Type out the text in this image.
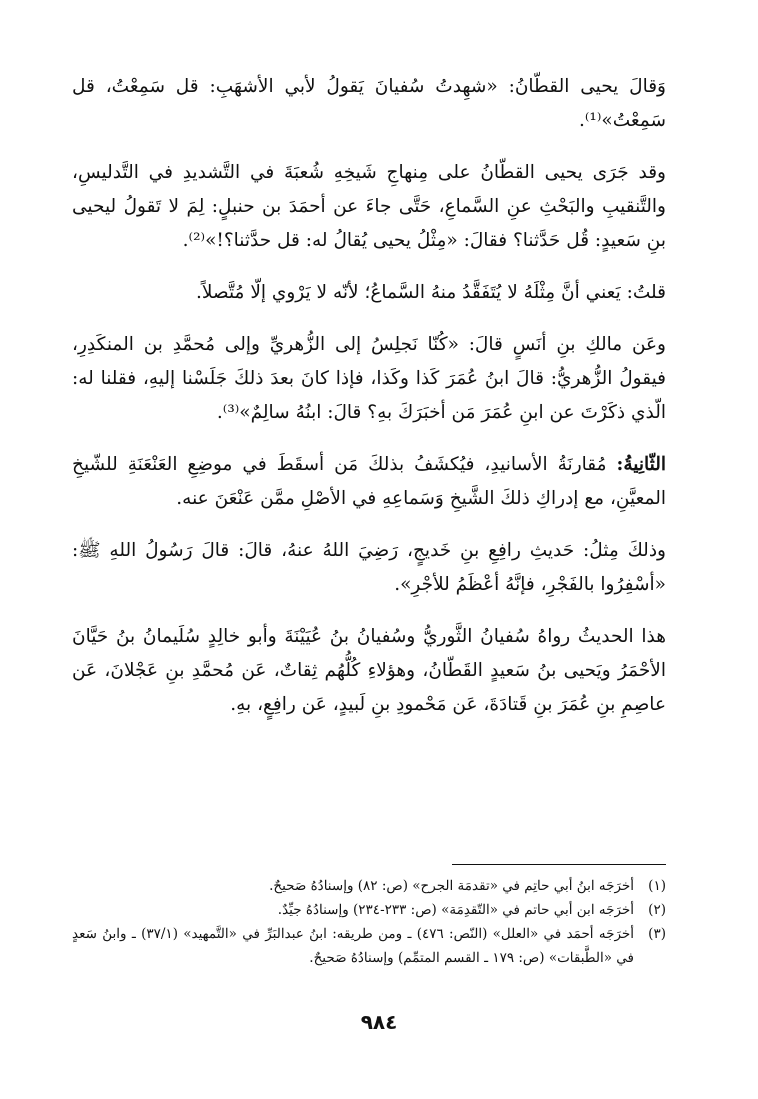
وَقالَ يحيى القطّانُ: «شهِدتُ سُفيانَ يَقولُ لأبي الأشهَبِ: قل سَمِعْتُ، قل سَمِعْتُ»⁽¹⁾.

وقد جَرَى يحيى القطّانُ على مِنهاجِ شَيخِهِ شُعبَةَ في التَّشديدِ في التَّدليسِ، والتَّنقيبِ والبَحْثِ عنِ السَّماعِ، حَتَّى جاءَ عن أحمَدَ بن حنبلٍ: لِمَ لا تَقولُ ليحيى بنِ سَعيدٍ: قُل حَدَّثنا؟ فقالَ: «مِثْلُ يحيى يُقالُ له: قل حدَّثنا؟!»⁽²⁾.

قلتُ: يَعني أنَّ مِثْلَهُ لا يُتَفَقَّدُ منهُ السَّماعُ؛ لأنّه لا يَرْوي إلّا مُتَّصلاً.

وعَن مالكِ بنِ أنَسٍ قالَ: «كُنّا نَجلِسُ إلى الزُّهريِّ وإلى مُحمَّدِ بن المنكَدِرِ، فيقولُ الزُّهريُّ: قالَ ابنُ عُمَرَ كَذا وكَذا، فإذا كانَ بعدَ ذلكَ جَلَسْنا إليهِ، فقلنا له: الّذي ذكَرْتَ عن ابنِ عُمَرَ مَن أخبَرَكَ بهِ؟ قالَ: ابنُهُ سالِمٌ»⁽³⁾.

الثّانِيةُ: مُقارنَةُ الأسانيدِ، فيُكشَفُ بذلكَ مَن أسقَطَ في موضِعِ العَنْعَنَةِ للشّيخِ المعيَّنِ، مع إدراكِ ذلكَ الشَّيخِ وَسَماعِهِ في الأصْلِ ممَّن عَنْعَنَ عنه.

وذلكَ مِثلُ: حَديثِ رافِعِ بنِ خَديجٍ، رَضِيَ اللهُ عنهُ، قالَ: قالَ رَسُولُ اللهِ ﷺ: «أسْفِرُوا بالفَجْرِ، فإنَّهُ أعْظَمُ للأجْرِ».

هذا الحديثُ رواهُ سُفيانُ الثَّوريُّ وسُفيانُ بنُ عُيَيْنَةَ وأبو خالِدٍ سُلَيمانُ بنُ حَيَّانَ الأحْمَرُ ويَحيى بنُ سَعيدٍ القَطّانُ، وهؤلاءِ كُلُّهُم ثِقاتٌ، عَن مُحمَّدِ بنِ عَجْلانَ، عَن عاصِمِ بنِ عُمَرَ بنِ قَتادَةَ، عَن مَحْمودِ بنِ لَبيدٍ، عَن رافِعٍ، بهِ.

(١)
أخرَجَه ابنُ أبي حاتِم في «تقدمَة الجرح» (ص: ٨٢) وإسنادُهُ صَحيحٌ.
(٢)
أخرَجَه ابن أبي حاتم في «التّقدِمَة» (ص: ٢٣٣-٢٣٤) وإسنادُهُ جيِّدٌ.
(٣)
أخرَجَه أحمَد في «العلل» (النّص: ٤٧٦) ـ ومن طريقه: ابنُ عبدالبَرِّ في «التَّمهيد» (٣٧/١) ـ وابنُ سَعدٍ في «الطَّبقات» (ص: ١٧٩ ـ القسم المتمِّم) وإسنادُهُ صَحيحٌ.
٩٨٤
